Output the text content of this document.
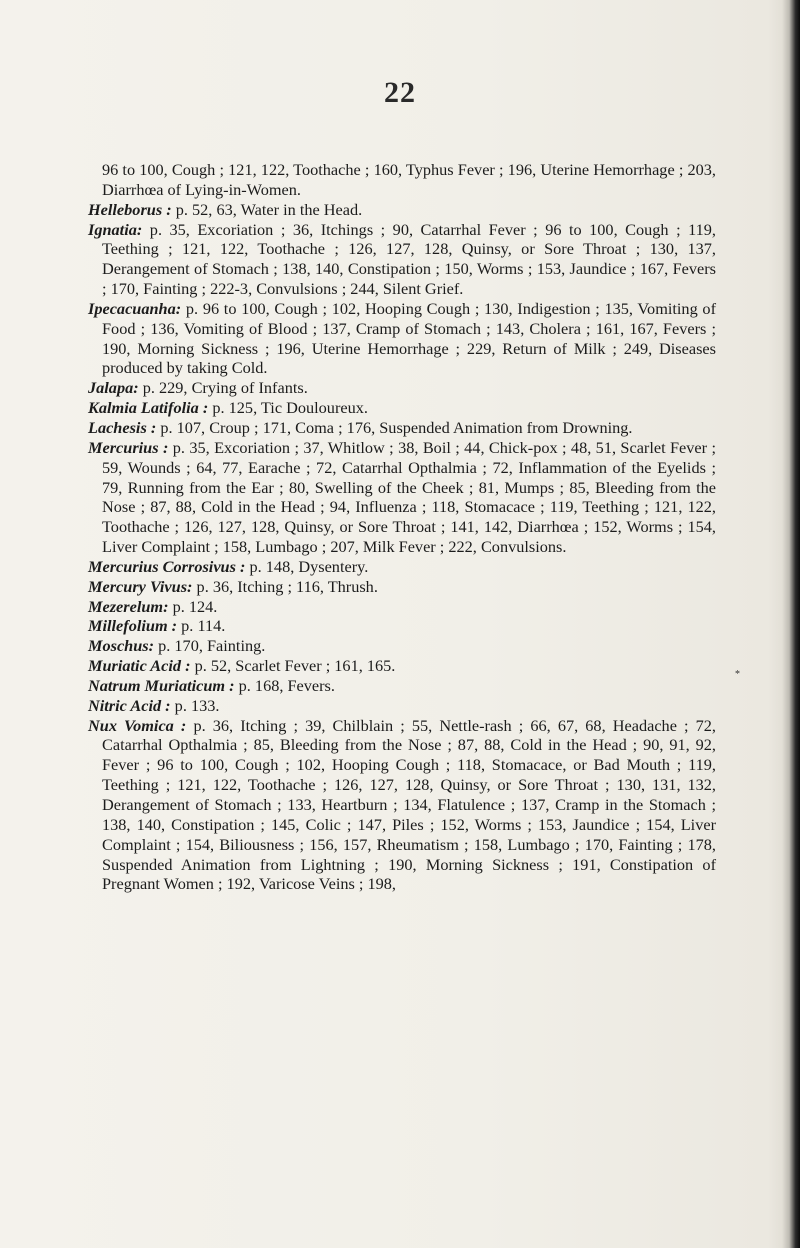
22

96 to 100, Cough ; 121, 122, Toothache ; 160, Typhus Fever ; 196, Uterine Hemorrhage ; 203, Diarrhœa of Lying-in-Women.

Helleborus : p. 52, 63, Water in the Head.

Ignatia: p. 35, Excoriation ; 36, Itchings ; 90, Catarrhal Fever ; 96 to 100, Cough ; 119, Teething ; 121, 122, Toothache ; 126, 127, 128, Quinsy, or Sore Throat ; 130, 137, Derangement of Stomach ; 138, 140, Constipation ; 150, Worms ; 153, Jaundice ; 167, Fevers ; 170, Fainting ; 222-3, Convulsions ; 244, Silent Grief.

Ipecacuanha: p. 96 to 100, Cough ; 102, Hooping Cough ; 130, Indigestion ; 135, Vomiting of Food ; 136, Vomiting of Blood ; 137, Cramp of Stomach ; 143, Cholera ; 161, 167, Fevers ; 190, Morning Sickness ; 196, Uterine Hemorrhage ; 229, Return of Milk ; 249, Diseases produced by taking Cold.

Jalapa: p. 229, Crying of Infants.

Kalmia Latifolia : p. 125, Tic Douloureux.

Lachesis : p. 107, Croup ; 171, Coma ; 176, Suspended Animation from Drowning.

Mercurius : p. 35, Excoriation ; 37, Whitlow ; 38, Boil ; 44, Chick-pox ; 48, 51, Scarlet Fever ; 59, Wounds ; 64, 77, Earache ; 72, Catarrhal Opthalmia ; 72, Inflammation of the Eyelids ; 79, Running from the Ear ; 80, Swelling of the Cheek ; 81, Mumps ; 85, Bleeding from the Nose ; 87, 88, Cold in the Head ; 94, Influenza ; 118, Stomacace ; 119, Teething ; 121, 122, Toothache ; 126, 127, 128, Quinsy, or Sore Throat ; 141, 142, Diarrhœa ; 152, Worms ; 154, Liver Complaint ; 158, Lumbago ; 207, Milk Fever ; 222, Convulsions.

Mercurius Corrosivus : p. 148, Dysentery.

Mercury Vivus: p. 36, Itching ; 116, Thrush.

Mezerelum: p. 124.

Millefolium : p. 114.

Moschus: p. 170, Fainting.

Muriatic Acid : p. 52, Scarlet Fever ; 161, 165.

Natrum Muriaticum : p. 168, Fevers.

Nitric Acid : p. 133.

Nux Vomica : p. 36, Itching ; 39, Chilblain ; 55, Nettle-rash ; 66, 67, 68, Headache ; 72, Catarrhal Opthalmia ; 85, Bleeding from the Nose ; 87, 88, Cold in the Head ; 90, 91, 92, Fever ; 96 to 100, Cough ; 102, Hooping Cough ; 118, Stomacace, or Bad Mouth ; 119, Teething ; 121, 122, Toothache ; 126, 127, 128, Quinsy, or Sore Throat ; 130, 131, 132, Derangement of Stomach ; 133, Heartburn ; 134, Flatulence ; 137, Cramp in the Stomach ; 138, 140, Constipation ; 145, Colic ; 147, Piles ; 152, Worms ; 153, Jaundice ; 154, Liver Complaint ; 154, Biliousness ; 156, 157, Rheumatism ; 158, Lumbago ; 170, Fainting ; 178, Suspended Animation from Lightning ; 190, Morning Sickness ; 191, Constipation of Pregnant Women ; 192, Varicose Veins ; 198,

*
